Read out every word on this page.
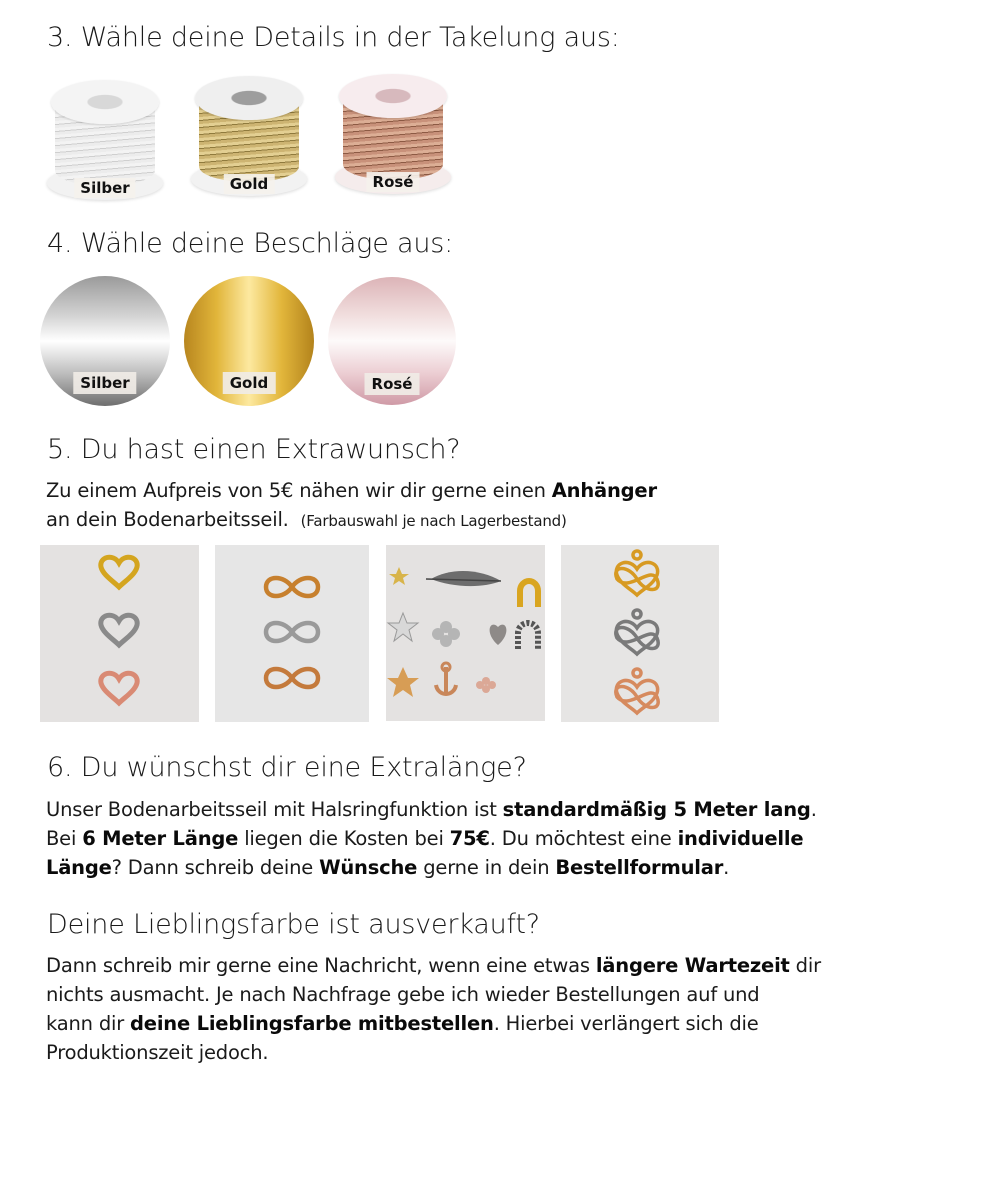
3. Wähle deine Details in der Takelung aus:
Silber	Gold	Rosé
4. Wähle deine Beschläge aus:
Silber	Gold	Rosé
5. Du hast einen Extrawunsch?
Zu einem Aufpreis von 5€ nähen wir dir gerne einen Anhänger
an dein Bodenarbeitsseil. (Farbauswahl je nach Lagerbestand)
6. Du wünschst dir eine Extralänge?
Unser Bodenarbeitsseil mit Halsringfunktion ist standardmäßig 5 Meter lang.
Bei 6 Meter Länge liegen die Kosten bei 75€. Du möchtest eine individuelle
Länge? Dann schreib deine Wünsche gerne in dein Bestellformular.
Deine Lieblingsfarbe ist ausverkauft?
Dann schreib mir gerne eine Nachricht, wenn eine etwas längere Wartezeit dir
nichts ausmacht. Je nach Nachfrage gebe ich wieder Bestellungen auf und
kann dir deine Lieblingsfarbe mitbestellen. Hierbei verlängert sich die
Produktionszeit jedoch.
